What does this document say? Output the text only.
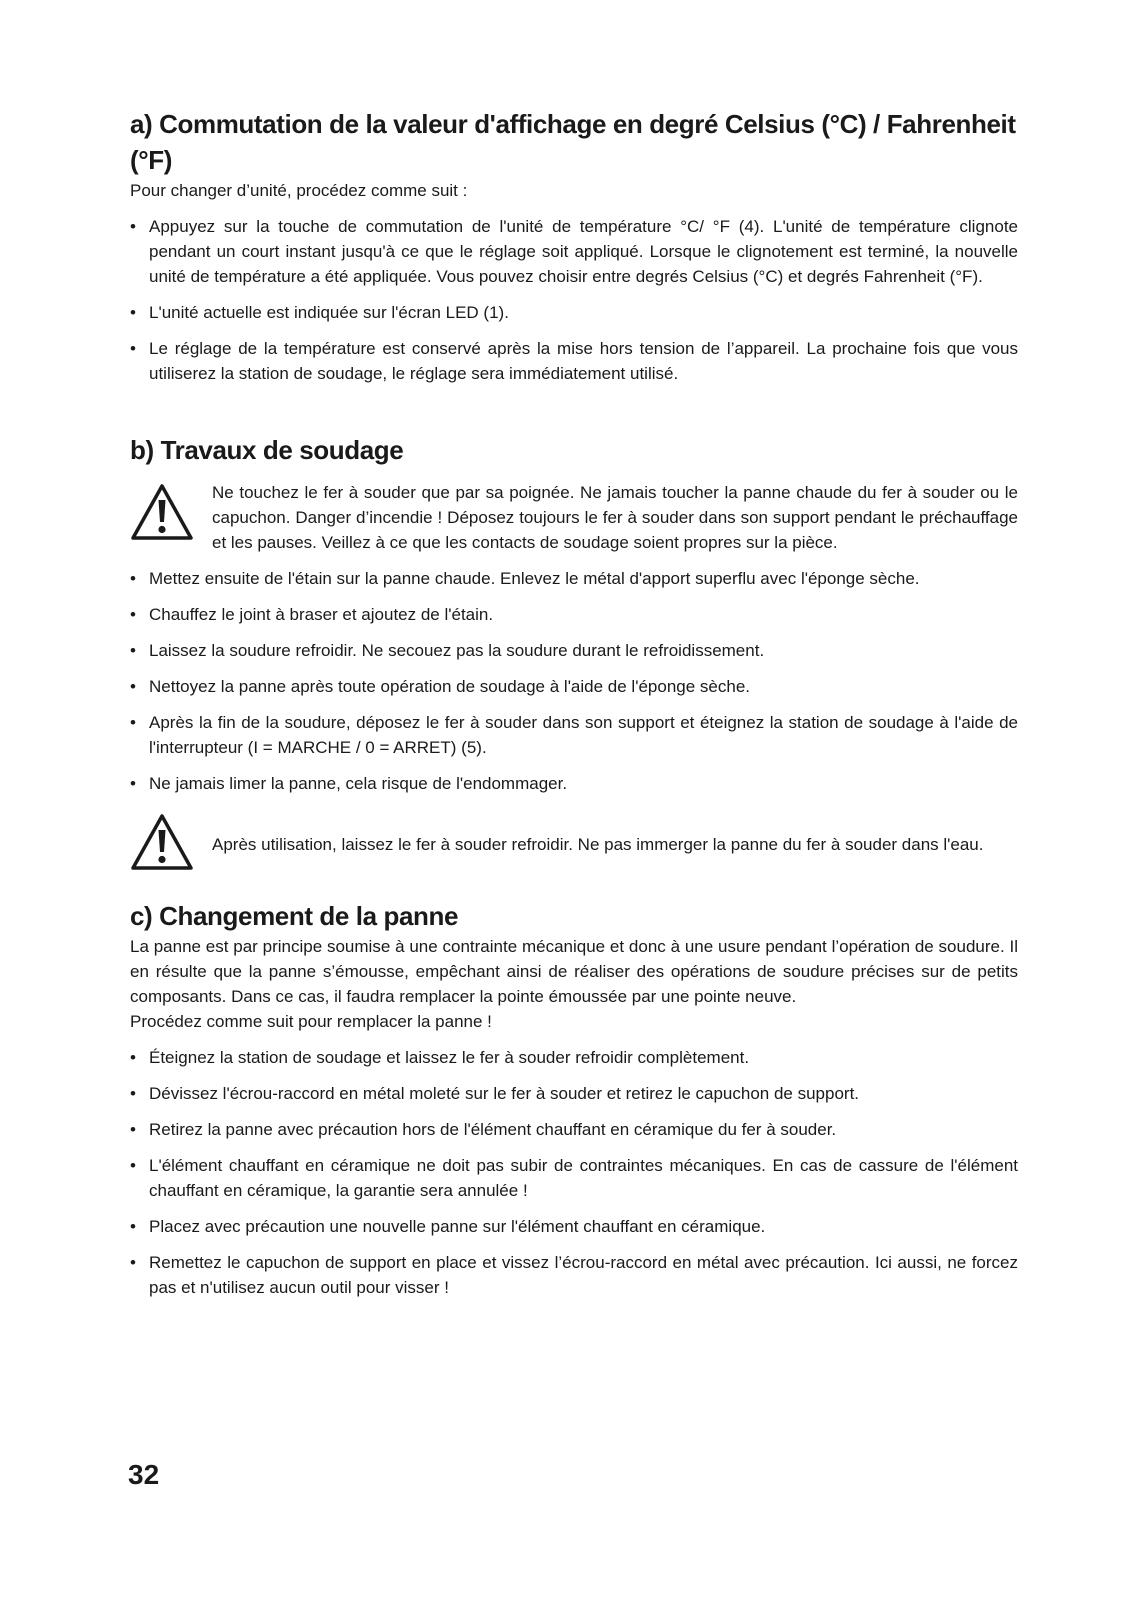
a) Commutation de la valeur d'affichage en degré Celsius (°C) / Fahrenheit (°F)

Pour changer d’unité, procédez comme suit :

• Appuyez sur la touche de commutation de l'unité de température °C/ °F (4). L'unité de température clignote pendant un court instant jusqu'à ce que le réglage soit appliqué. Lorsque le clignotement est terminé, la nouvelle unité de température a été appliquée. Vous pouvez choisir entre degrés Celsius (°C) et degrés Fahrenheit (°F).
• L'unité actuelle est indiquée sur l'écran LED (1).
• Le réglage de la température est conservé après la mise hors tension de l’appareil. La prochaine fois que vous utiliserez la station de soudage, le réglage sera immédiatement utilisé.
b) Travaux de soudage

Ne touchez le fer à souder que par sa poignée. Ne jamais toucher la panne chaude du fer à souder ou le capuchon. Danger d’incendie ! Déposez toujours le fer à souder dans son support pendant le préchauffage et les pauses. Veillez à ce que les contacts de soudage soient propres sur la pièce.

• Mettez ensuite de l'étain sur la panne chaude. Enlevez le métal d'apport superflu avec l'éponge sèche.
• Chauffez le joint à braser et ajoutez de l'étain.
• Laissez la soudure refroidir. Ne secouez pas la soudure durant le refroidissement.
• Nettoyez la panne après toute opération de soudage à l'aide de l'éponge sèche.
• Après la fin de la soudure, déposez le fer à souder dans son support et éteignez la station de soudage à l'aide de l'interrupteur (I = MARCHE / 0 = ARRET) (5).
• Ne jamais limer la panne, cela risque de l'endommager.

Après utilisation, laissez le fer à souder refroidir. Ne pas immerger la panne du fer à souder dans l'eau.

c) Changement de la panne

La panne est par principe soumise à une contrainte mécanique et donc à une usure pendant l’opération de soudure. Il en résulte que la panne s’émousse, empêchant ainsi de réaliser des opérations de soudure précises sur de petits composants. Dans ce cas, il faudra remplacer la pointe émoussée par une pointe neuve.

Procédez comme suit pour remplacer la panne !

• Éteignez la station de soudage et laissez le fer à souder refroidir complètement.
• Dévissez l'écrou-raccord en métal moleté sur le fer à souder et retirez le capuchon de support.
• Retirez la panne avec précaution hors de l'élément chauffant en céramique du fer à souder.
• L'élément chauffant en céramique ne doit pas subir de contraintes mécaniques. En cas de cassure de l'élément chauffant en céramique, la garantie sera annulée !
• Placez avec précaution une nouvelle panne sur l'élément chauffant en céramique.
• Remettez le capuchon de support en place et vissez l’écrou-raccord en métal avec précaution. Ici aussi, ne forcez pas et n'utilisez aucun outil pour visser !
32
